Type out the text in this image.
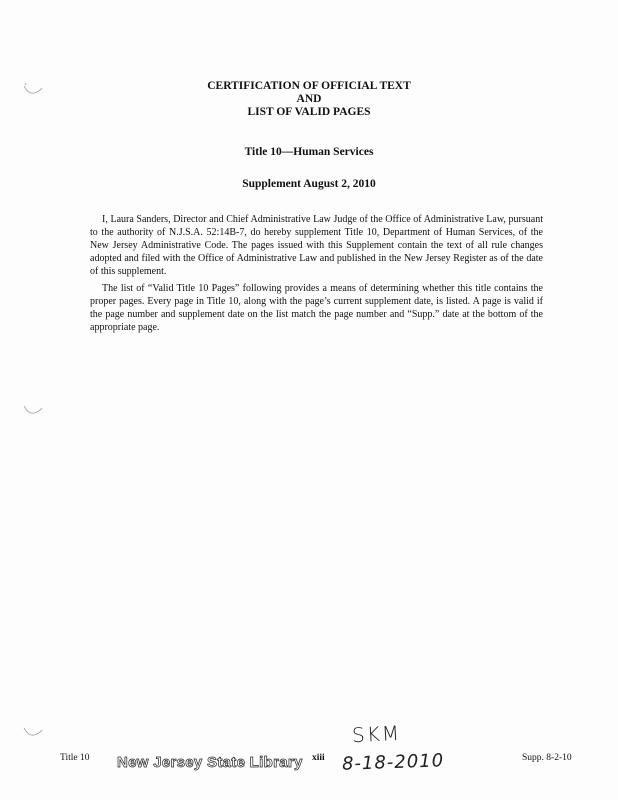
CERTIFICATION OF OFFICIAL TEXT
AND
LIST OF VALID PAGES
Title 10—Human Services
Supplement August 2, 2010

I, Laura Sanders, Director and Chief Administrative Law Judge of the Office of Administrative Law, pursuant to the authority of N.J.S.A. 52:14B-7, do hereby supplement Title 10, Department of Human Services, of the New Jersey Administrative Code. The pages issued with this Supplement contain the text of all rule changes adopted and filed with the Office of Administrative Law and published in the New Jersey Register as of the date of this supplement.

The list of “Valid Title 10 Pages” following provides a means of determining whether this title contains the proper pages. Every page in Title 10, along with the page’s current supplement date, is listed. A page is valid if the page number and supplement date on the list match the page number and “Supp.” date at the bottom of the appropriate page.

Title 10 New Jersey State Library xiii
SKM
8-18-2010	Supp. 8-2-10
